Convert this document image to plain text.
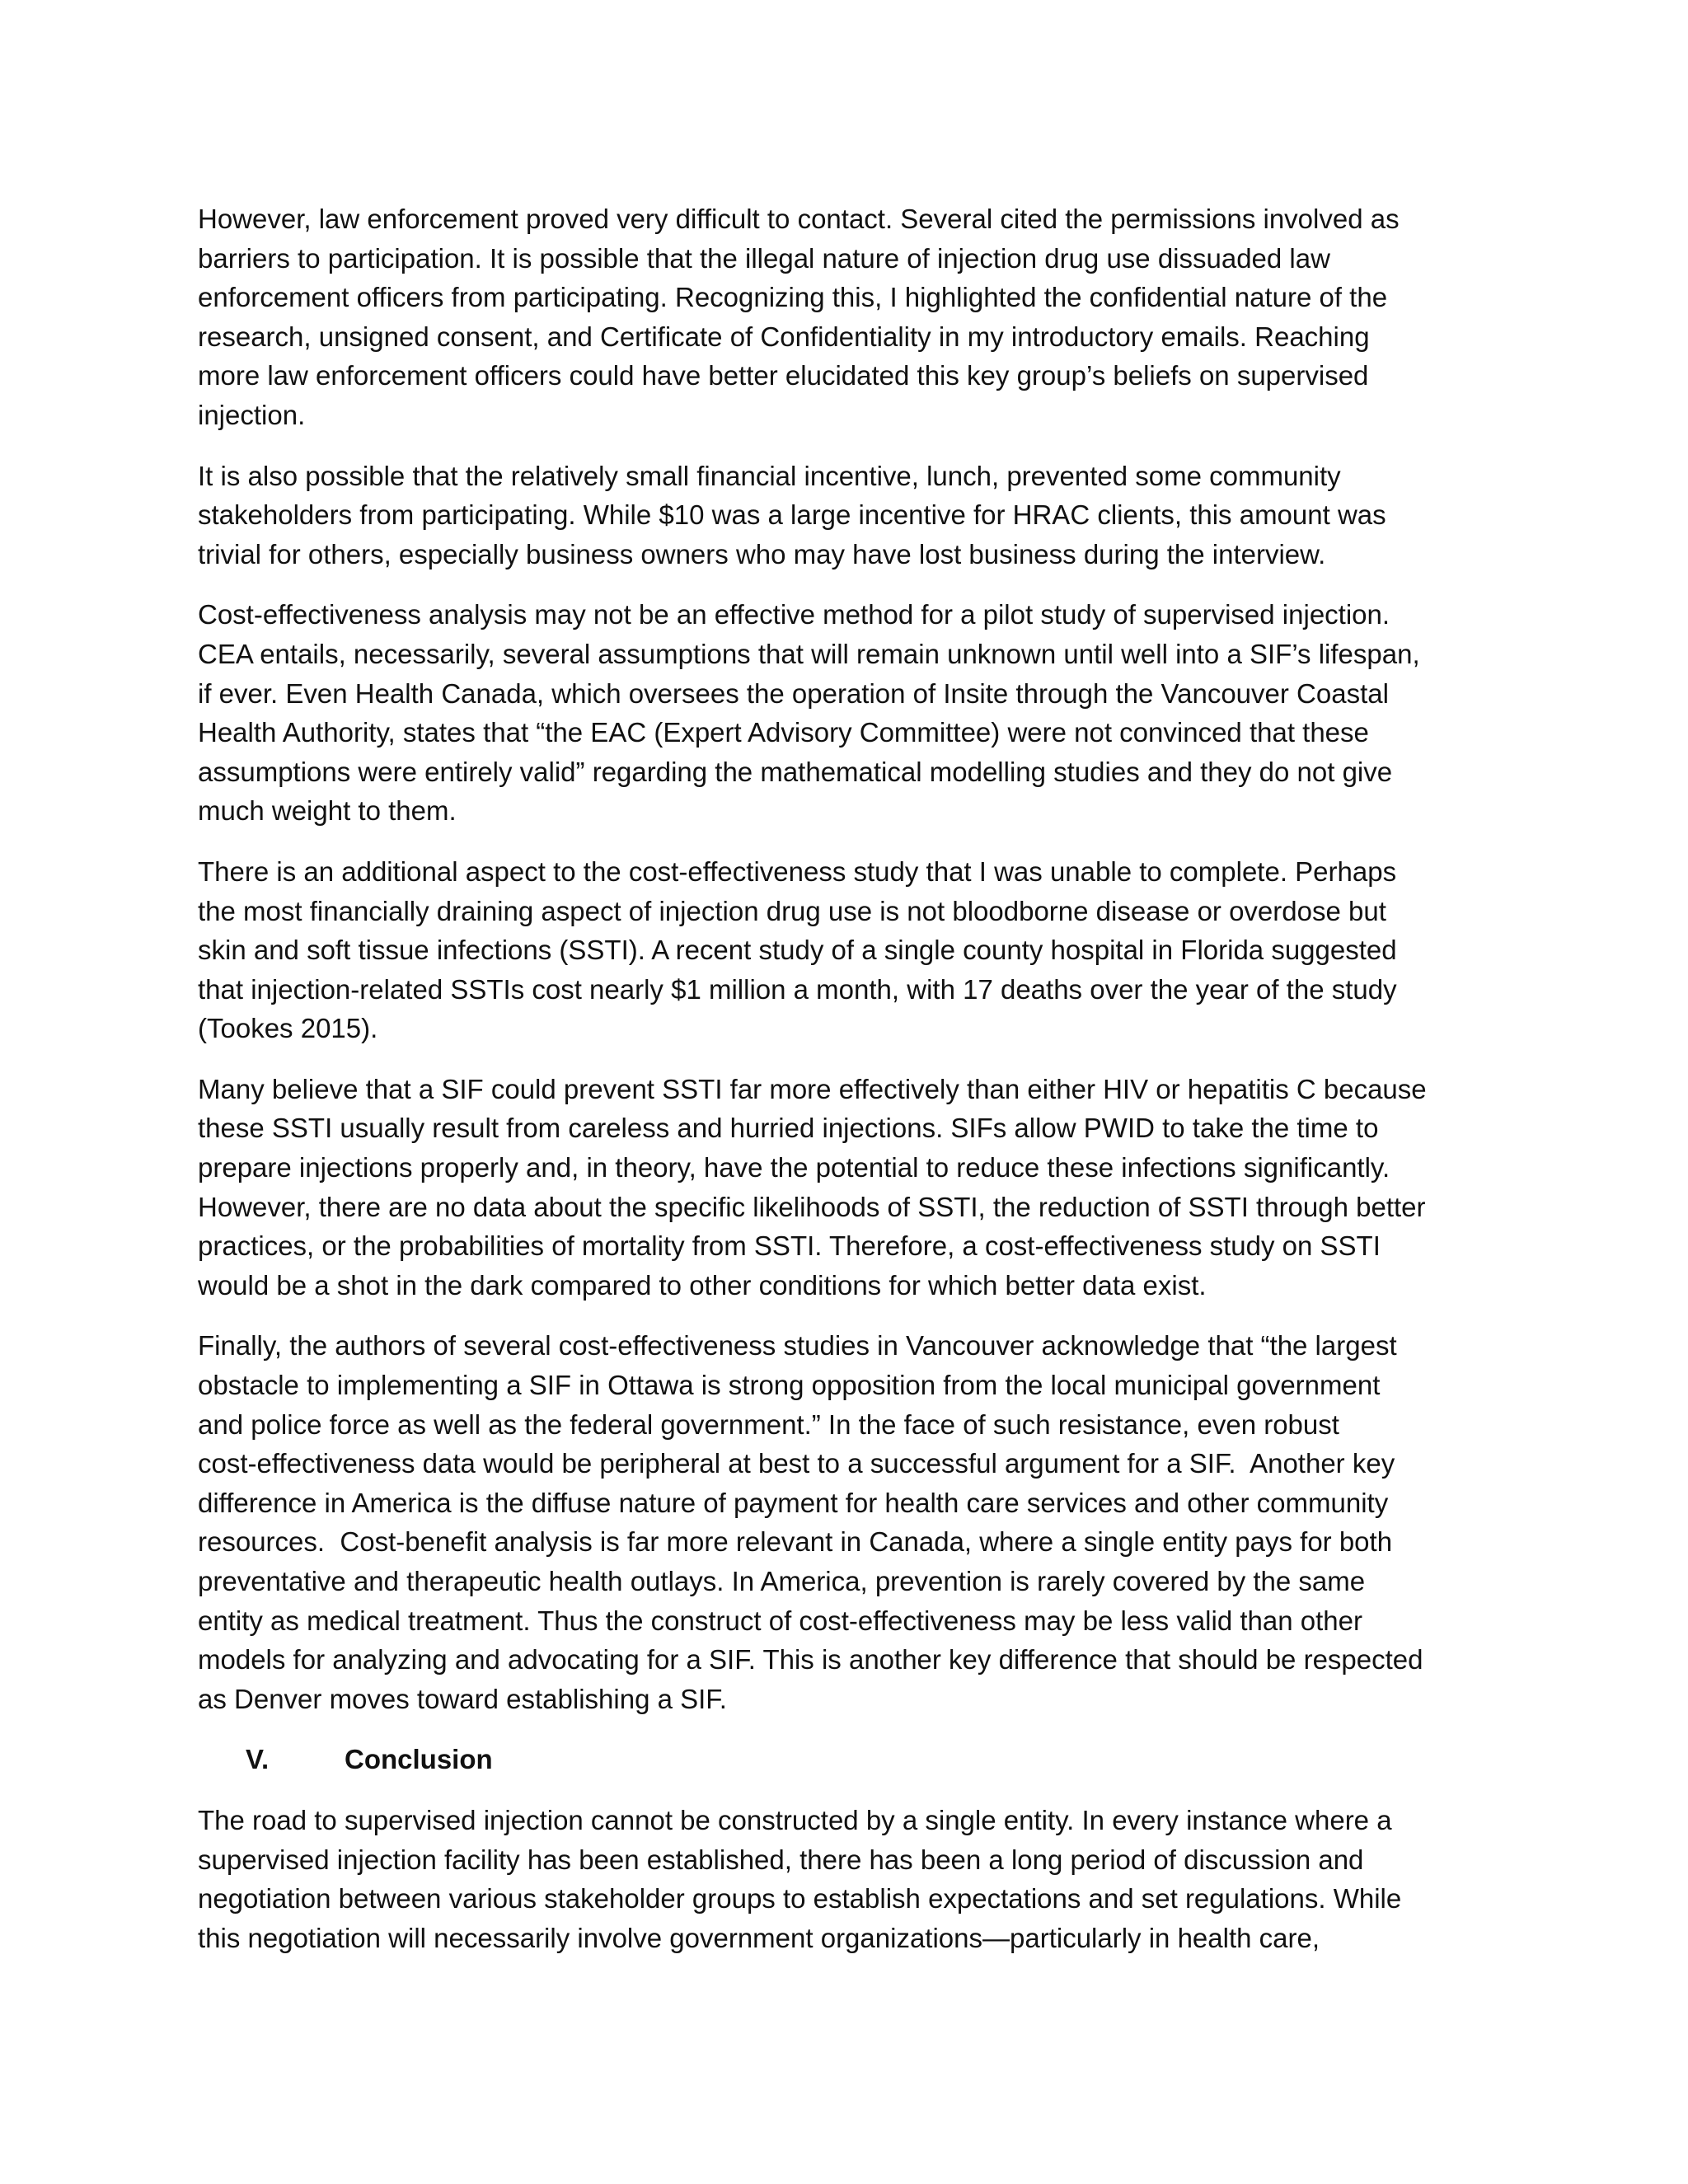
However, law enforcement proved very difficult to contact. Several cited the permissions involved as
barriers to participation. It is possible that the illegal nature of injection drug use dissuaded law
enforcement officers from participating. Recognizing this, I highlighted the confidential nature of the
research, unsigned consent, and Certificate of Confidentiality in my introductory emails. Reaching
more law enforcement officers could have better elucidated this key group’s beliefs on supervised
injection.

It is also possible that the relatively small financial incentive, lunch, prevented some community
stakeholders from participating. While $10 was a large incentive for HRAC clients, this amount was
trivial for others, especially business owners who may have lost business during the interview.

Cost-effectiveness analysis may not be an effective method for a pilot study of supervised injection.
CEA entails, necessarily, several assumptions that will remain unknown until well into a SIF’s lifespan,
if ever. Even Health Canada, which oversees the operation of Insite through the Vancouver Coastal
Health Authority, states that “the EAC (Expert Advisory Committee) were not convinced that these
assumptions were entirely valid” regarding the mathematical modelling studies and they do not give
much weight to them.

There is an additional aspect to the cost-effectiveness study that I was unable to complete. Perhaps
the most financially draining aspect of injection drug use is not bloodborne disease or overdose but
skin and soft tissue infections (SSTI). A recent study of a single county hospital in Florida suggested
that injection-related SSTIs cost nearly $1 million a month, with 17 deaths over the year of the study
(Tookes 2015).

Many believe that a SIF could prevent SSTI far more effectively than either HIV or hepatitis C because
these SSTI usually result from careless and hurried injections. SIFs allow PWID to take the time to
prepare injections properly and, in theory, have the potential to reduce these infections significantly.
However, there are no data about the specific likelihoods of SSTI, the reduction of SSTI through better
practices, or the probabilities of mortality from SSTI. Therefore, a cost-effectiveness study on SSTI
would be a shot in the dark compared to other conditions for which better data exist.

Finally, the authors of several cost-effectiveness studies in Vancouver acknowledge that “the largest
obstacle to implementing a SIF in Ottawa is strong opposition from the local municipal government
and police force as well as the federal government.” In the face of such resistance, even robust
cost-effectiveness data would be peripheral at best to a successful argument for a SIF.  Another key
difference in America is the diffuse nature of payment for health care services and other community
resources.  Cost-benefit analysis is far more relevant in Canada, where a single entity pays for both
preventative and therapeutic health outlays. In America, prevention is rarely covered by the same
entity as medical treatment. Thus the construct of cost-effectiveness may be less valid than other
models for analyzing and advocating for a SIF. This is another key difference that should be respected
as Denver moves toward establishing a SIF.

V.	Conclusion

The road to supervised injection cannot be constructed by a single entity. In every instance where a
supervised injection facility has been established, there has been a long period of discussion and
negotiation between various stakeholder groups to establish expectations and set regulations. While
this negotiation will necessarily involve government organizations—particularly in health care,
